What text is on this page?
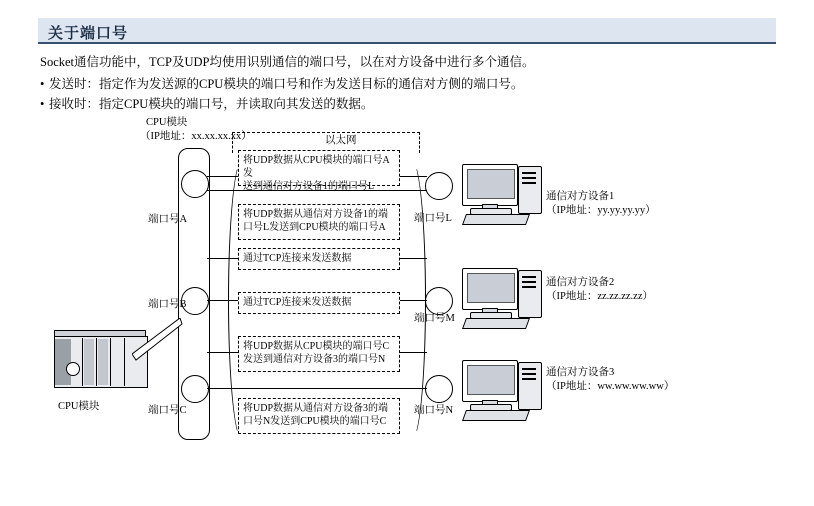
关于端口号
Socket通信功能中，TCP及UDP均使用识别通信的端口号，以在对方设备中进行多个通信。
• 发送时：指定作为发送源的CPU模块的端口号和作为发送目标的通信对方侧的端口号。
• 接收时：指定CPU模块的端口号，并读取向其发送的数据。
CPU模块
（IP地址：xx.xx.xx.xx）	以太网
端口号A	端口号L
将UDP数据从CPU模块的端口号A发
送到通信对方设备1的端口号L
将UDP数据从通信对方设备1的端
口号L发送到CPU模块的端口号A
通信对方设备1
（IP地址：yy.yy.yy.yy）
端口号B
端口号M
通过TCP连接来发送数据
通过TCP连接来发送数据
通信对方设备2
（IP地址：zz.zz.zz.zz）
端口号C	端口号N
将UDP数据从CPU模块的端口号C
发送到通信对方设备3的端口号N
将UDP数据从通信对方设备3的端
口号N发送到CPU模块的端口号C
通信对方设备3
（IP地址：ww.ww.ww.ww）
CPU模块
